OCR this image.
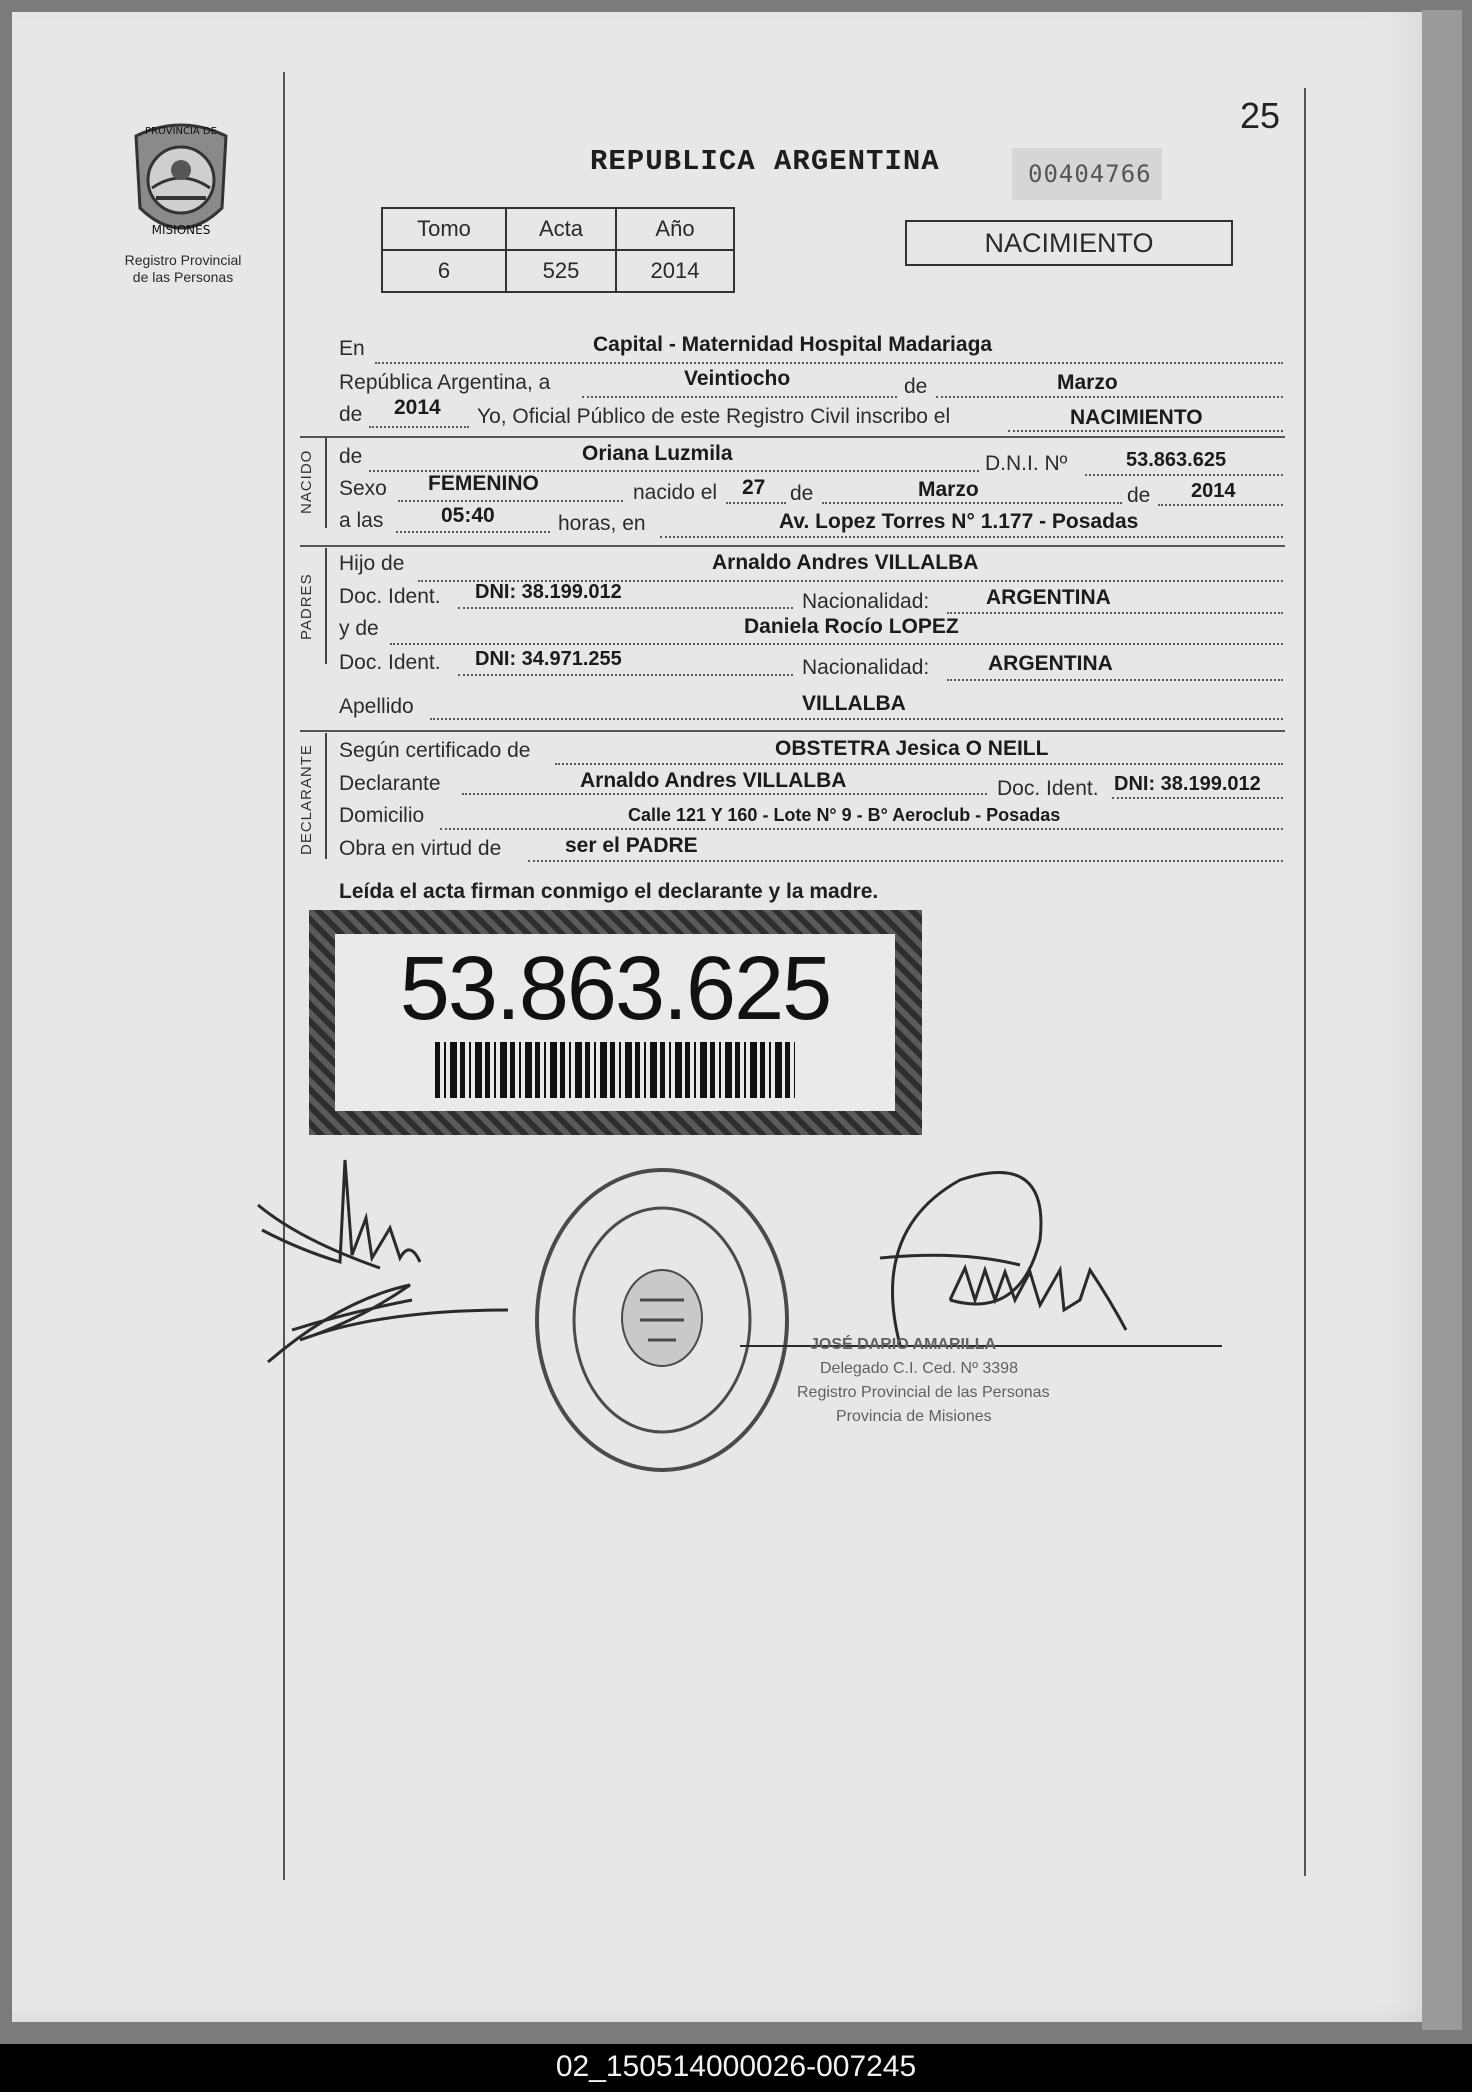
25
PROVINCIA DE
MISIONES
Registro Provincial
de las Personas
REPUBLICA ARGENTINA	00404766
Tomo	Acta	Año
6	525	2014
NACIMIENTO
En	Capital - Maternidad Hospital Madariaga
República Argentina, a	Veintiocho	de	Marzo
de 2014 Yo, Oficial Público de este Registro Civil inscribo el	NACIMIENTO
NACIDO de	Oriana Luzmila	D.N.I. Nº	53.863.625
Sexo FEMENINO	nacido el 27 de	Marzo	de 2014
a las	05:40	horas, en	Av. Lopez Torres N° 1.177 - Posadas
PADRES
Hijo de	Arnaldo Andres VILLALBA
Doc. Ident. DNI: 38.199.012	Nacionalidad:	ARGENTINA
y de	Daniela Rocío LOPEZ
Doc. Ident. DNI: 34.971.255	Nacionalidad:	ARGENTINA
Apellido	VILLALBA
DECLARANTE Según certificado de	OBSTETRA Jesica O NEILL
Declarante	Arnaldo Andres VILLALBA	Doc. Ident. DNI: 38.199.012
Domicilio	Calle 121 Y 160 - Lote N° 9 - B° Aeroclub - Posadas
Obra en virtud de	ser el PADRE
Leída el acta firman conmigo el declarante y la madre.
53.863.625
JOSÉ DARIO AMARILLA
Delegado C.I. Ced. Nº 3398
Registro Provincial de las Personas
Provincia de Misiones
02_150514000026-007245
